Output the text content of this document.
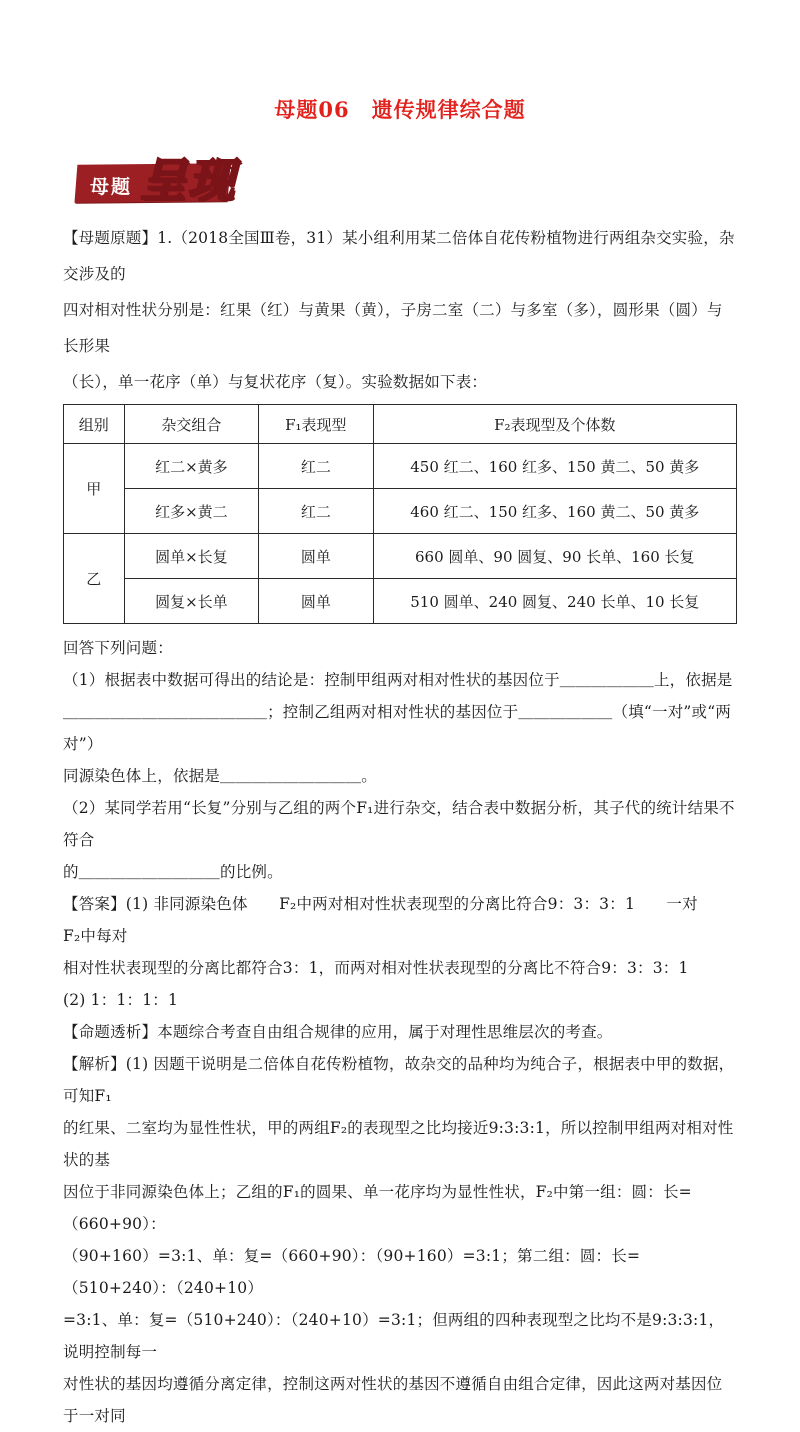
母题06　遗传规律综合题
母题 呈现
【母题原题】1.（2018全国Ⅲ卷，31）某小组利用某二倍体自花传粉植物进行两组杂交实验，杂交涉及的
四对相对性状分别是：红果（红）与黄果（黄），子房二室（二）与多室（多），圆形果（圆）与长形果
（长），单一花序（单）与复状花序（复）。实验数据如下表：
组别	杂交组合	F₁表现型	F₂表现型及个体数
甲	红二×黄多	红二	450 红二、160 红多、150 黄二、50 黄多
	红多×黄二	红二	460 红二、150 红多、160 黄二、50 黄多
乙	圆单×长复	圆单	660 圆单、90 圆复、90 长单、160 长复
	圆复×长单	圆单	510 圆单、240 圆复、240 长单、10 长复
回答下列问题：
（1）根据表中数据可得出的结论是：控制甲组两对相对性状的基因位于＿＿＿＿＿＿上，依据是
＿＿＿＿＿＿＿＿＿＿＿＿＿；控制乙组两对相对性状的基因位于＿＿＿＿＿＿（填“一对”或“两对”）
同源染色体上，依据是＿＿＿＿＿＿＿＿＿。
（2）某同学若用“长复”分别与乙组的两个F₁进行杂交，结合表中数据分析，其子代的统计结果不符合
的＿＿＿＿＿＿＿＿＿的比例。
【答案】(1) 非同源染色体　　F₂中两对相对性状表现型的分离比符合9：3：3：1　　一对　　F₂中每对
相对性状表现型的分离比都符合3：1，而两对相对性状表现型的分离比不符合9：3：3：1
(2) 1：1：1：1
【命题透析】本题综合考查自由组合规律的应用，属于对理性思维层次的考查。
【解析】(1) 因题干说明是二倍体自花传粉植物，故杂交的品种均为纯合子，根据表中甲的数据，可知F₁
的红果、二室均为显性性状，甲的两组F₂的表现型之比均接近9:3:3:1，所以控制甲组两对相对性状的基
因位于非同源染色体上；乙组的F₁的圆果、单一花序均为显性性状，F₂中第一组：圆：长=（660+90）：
（90+160）=3:1、单：复=（660+90）：（90+160）=3:1；第二组：圆：长=（510+240）：（240+10）
=3:1、单：复=（510+240）：（240+10）=3:1；但两组的四种表现型之比均不是9:3:3:1，说明控制每一
对性状的基因均遵循分离定律，控制这两对性状的基因不遵循自由组合定律，因此这两对基因位于一对同
